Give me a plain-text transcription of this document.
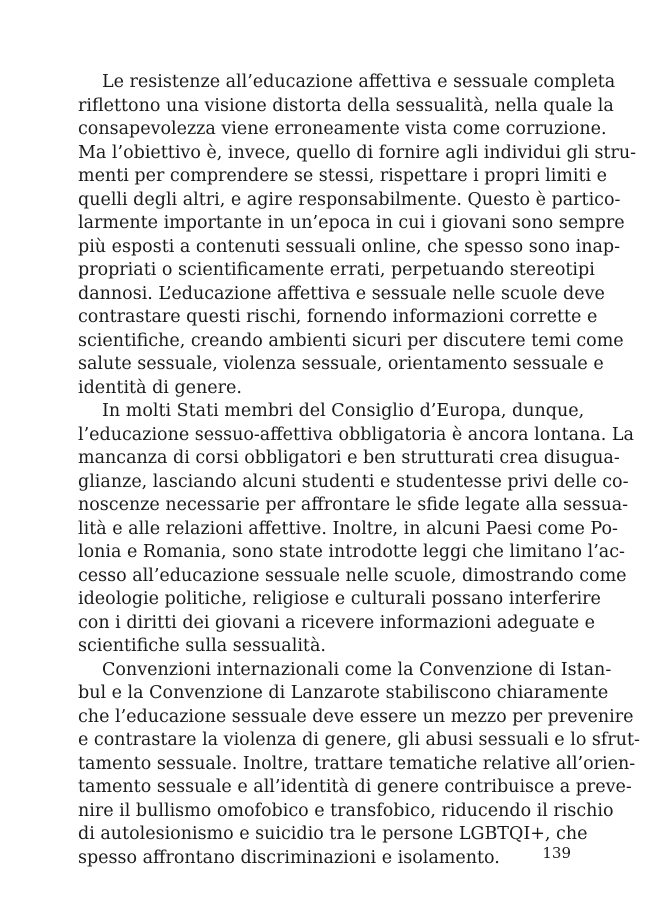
Le resistenze all’educazione affettiva e sessuale completa
riflettono una visione distorta della sessualità, nella quale la
consapevolezza viene erroneamente vista come corruzione.
Ma l’obiettivo è, invece, quello di fornire agli individui gli stru-
menti per comprendere se stessi, rispettare i propri limiti e
quelli degli altri, e agire responsabilmente. Questo è partico-
larmente importante in un’epoca in cui i giovani sono sempre
più esposti a contenuti sessuali online, che spesso sono inap-
propriati o scientificamente errati, perpetuando stereotipi
dannosi. L’educazione affettiva e sessuale nelle scuole deve
contrastare questi rischi, fornendo informazioni corrette e
scientifiche, creando ambienti sicuri per discutere temi come
salute sessuale, violenza sessuale, orientamento sessuale e
identità di genere.
In molti Stati membri del Consiglio d’Europa, dunque,
l’educazione sessuo-affettiva obbligatoria è ancora lontana. La
mancanza di corsi obbligatori e ben strutturati crea disugua-
glianze, lasciando alcuni studenti e studentesse privi delle co-
noscenze necessarie per affrontare le sfide legate alla sessua-
lità e alle relazioni affettive. Inoltre, in alcuni Paesi come Po-
lonia e Romania, sono state introdotte leggi che limitano l’ac-
cesso all’educazione sessuale nelle scuole, dimostrando come
ideologie politiche, religiose e culturali possano interferire
con i diritti dei giovani a ricevere informazioni adeguate e
scientifiche sulla sessualità.
Convenzioni internazionali come la Convenzione di Istan-
bul e la Convenzione di Lanzarote stabiliscono chiaramente
che l’educazione sessuale deve essere un mezzo per prevenire
e contrastare la violenza di genere, gli abusi sessuali e lo sfrut-
tamento sessuale. Inoltre, trattare tematiche relative all’orien-
tamento sessuale e all’identità di genere contribuisce a preve-
nire il bullismo omofobico e transfobico, riducendo il rischio
di autolesionismo e suicidio tra le persone LGBTQI+, che
spesso affrontano discriminazioni e isolamento.	139
